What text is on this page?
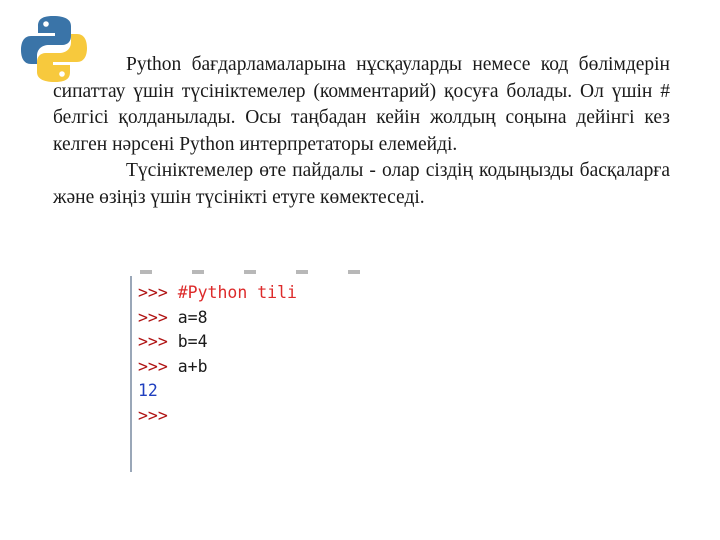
Python бағдарламаларына нұсқауларды немесе код бөлімдерін сипаттау үшін түсініктемелер (комментарий) қосуға болады. Ол үшін # белгісі қолданылады. Осы таңбадан кейін жолдың соңына дейінгі кез келген нәрсені Python интерпретаторы елемейді.

Түсініктемелер өте пайдалы - олар сіздің кодыңызды басқаларға және өзіңіз үшін түсінікті етуге көмектеседі.

>>> #Python tili
>>> a=8
>>> b=4
>>> a+b
12
>>>
